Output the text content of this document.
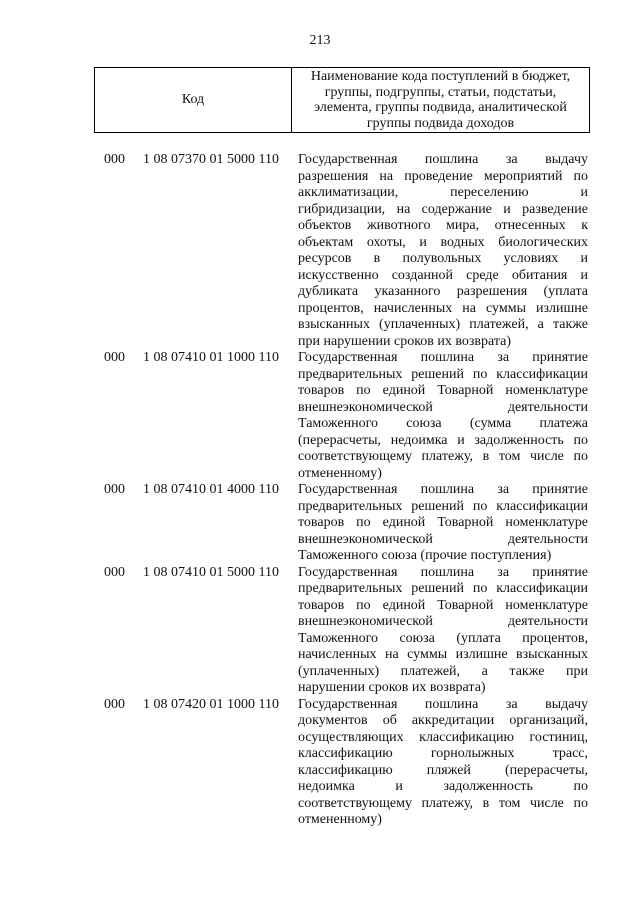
213
Код
Наименование кода поступлений в бюджет,
группы, подгруппы, статьи, подстатьи,
элемента, группы подвида, аналитической
группы подвида доходов
000	1 08 07370 01 5000 110	Государственная пошлина за выдачу
разрешения на проведение мероприятий по
акклиматизации, переселению и
гибридизации, на содержание и разведение
объектов животного мира, отнесенных к
объектам охоты, и водных биологических
ресурсов в полувольных условиях и
искусственно созданной среде обитания и
дубликата указанного разрешения (уплата
процентов, начисленных на суммы излишне
взысканных (уплаченных) платежей, а также
при нарушении сроков их возврата)
000	1 08 07410 01 1000 110	Государственная пошлина за принятие
предварительных решений по классификации
товаров по единой Товарной номенклатуре
внешнеэкономической деятельности
Таможенного союза (сумма платежа
(перерасчеты, недоимка и задолженность по
соответствующему платежу, в том числе по
отмененному)
000	1 08 07410 01 4000 110	Государственная пошлина за принятие
предварительных решений по классификации
товаров по единой Товарной номенклатуре
внешнеэкономической деятельности
Таможенного союза (прочие поступления)
000	1 08 07410 01 5000 110	Государственная пошлина за принятие
предварительных решений по классификации
товаров по единой Товарной номенклатуре
внешнеэкономической деятельности
Таможенного союза (уплата процентов,
начисленных на суммы излишне взысканных
(уплаченных) платежей, а также при
нарушении сроков их возврата)
000	1 08 07420 01 1000 110	Государственная пошлина за выдачу
документов об аккредитации организаций,
осуществляющих классификацию гостиниц,
классификацию горнолыжных трасс,
классификацию пляжей (перерасчеты,
недоимка и задолженность по
соответствующему платежу, в том числе по
отмененному)
